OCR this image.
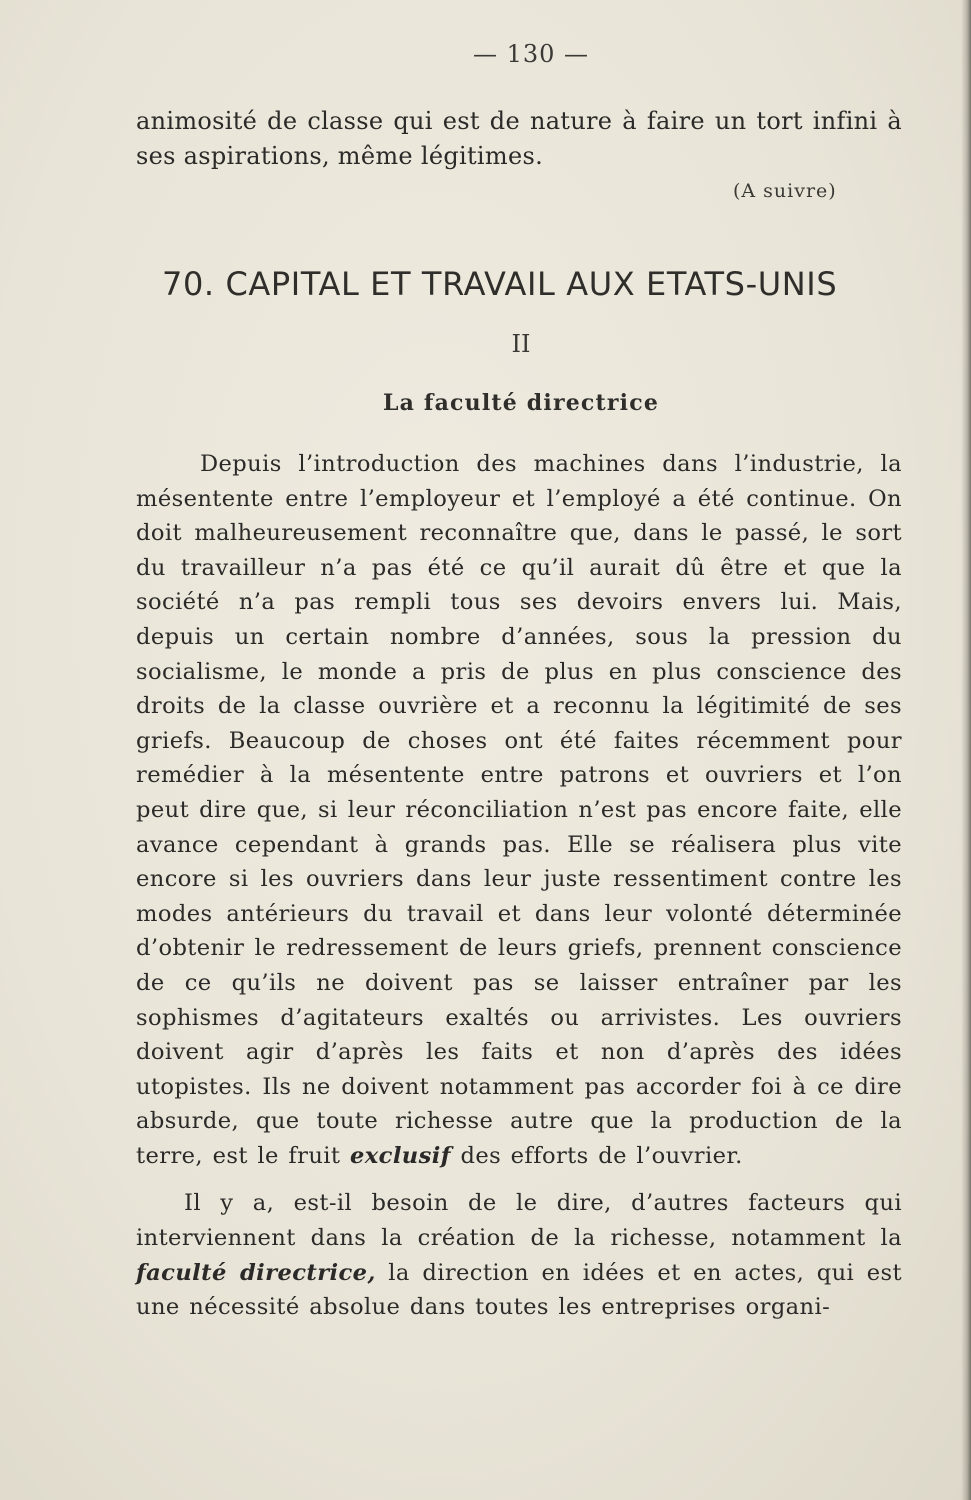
— 130 —
animosité de classe qui est de nature à faire un tort infini à ses aspirations, même légitimes.
(A suivre)
70. CAPITAL ET TRAVAIL AUX ETATS-UNIS
II
La faculté directrice

Depuis l’introduction des machines dans l’industrie, la mésentente entre l’employeur et l’employé a été continue. On doit malheureusement reconnaître que, dans le passé, le sort du travailleur n’a pas été ce qu’il aurait dû être et que la société n’a pas rempli tous ses devoirs envers lui. Mais, depuis un certain nombre d’années, sous la pression du socialisme, le monde a pris de plus en plus conscience des droits de la classe ouvrière et a reconnu la légitimité de ses griefs. Beaucoup de choses ont été faites récemment pour remédier à la mésentente entre patrons et ouvriers et l’on peut dire que, si leur réconciliation n’est pas encore faite, elle avance cependant à grands pas. Elle se réalisera plus vite encore si les ouvriers dans leur juste ressentiment contre les modes antérieurs du travail et dans leur volonté déterminée d’obtenir le redressement de leurs griefs, prennent conscience de ce qu’ils ne doivent pas se laisser entraîner par les sophismes d’agitateurs exaltés ou arrivistes. Les ouvriers doivent agir d’après les faits et non d’après des idées utopistes. Ils ne doivent notamment pas accorder foi à ce dire absurde, que toute richesse autre que la production de la terre, est le fruit exclusif des efforts de l’ouvrier.

Il y a, est-il besoin de le dire, d’autres facteurs qui interviennent dans la création de la richesse, notamment la faculté directrice, la direction en idées et en actes, qui est une nécessité absolue dans toutes les entreprises organi-
